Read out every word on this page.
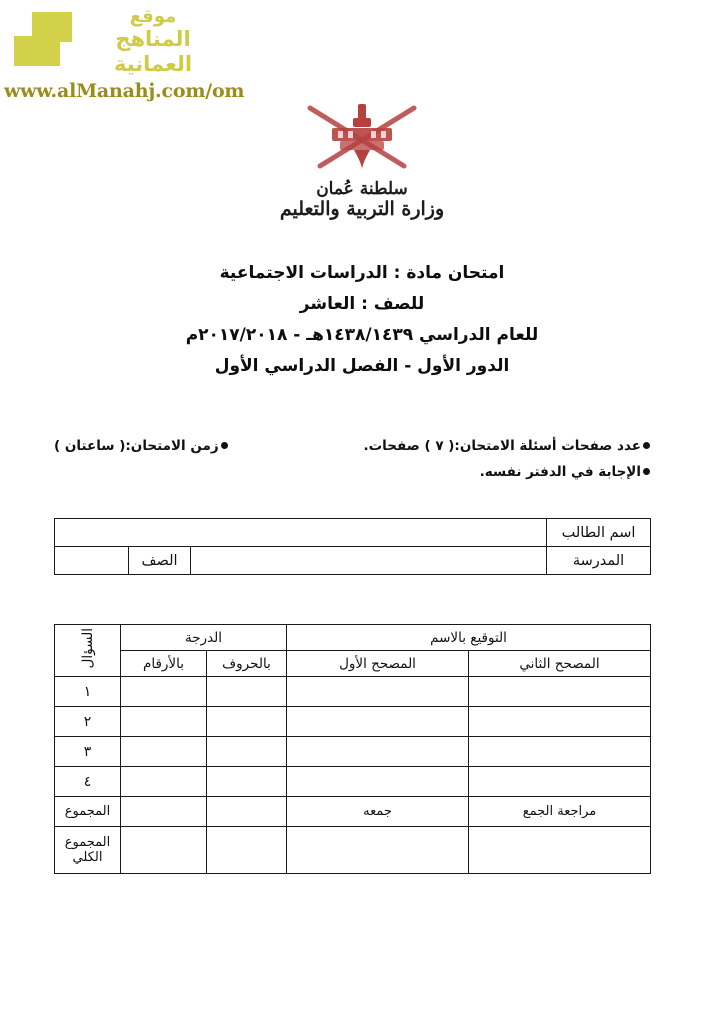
موقع
المناهج العمانية
www.alManahj.com/om
سلطنة عُمان
وزارة التربية والتعليم
امتحان مادة : الدراسات الاجتماعية
للصف : العاشر
للعام الدراسي ١٤٣٨/١٤٣٩هـ - ٢٠١٧/٢٠١٨م
الدور الأول - الفصل الدراسي الأول
عدد صفحات أسئلة الامتحان:( ٧ ) صفحات.
زمن الامتحان:( ساعتان )
الإجابة في الدفتر نفسه.
اسم الطالب			
المدرسة		الصف	
التوقيع بالاسم		الدرجة		السؤال
المصحح الثاني	المصحح الأول	بالحروف	بالأرقام	
				١
				٢
				٣
				٤
مراجعة الجمع	جمعه			المجموع
				المجموع الكلي
